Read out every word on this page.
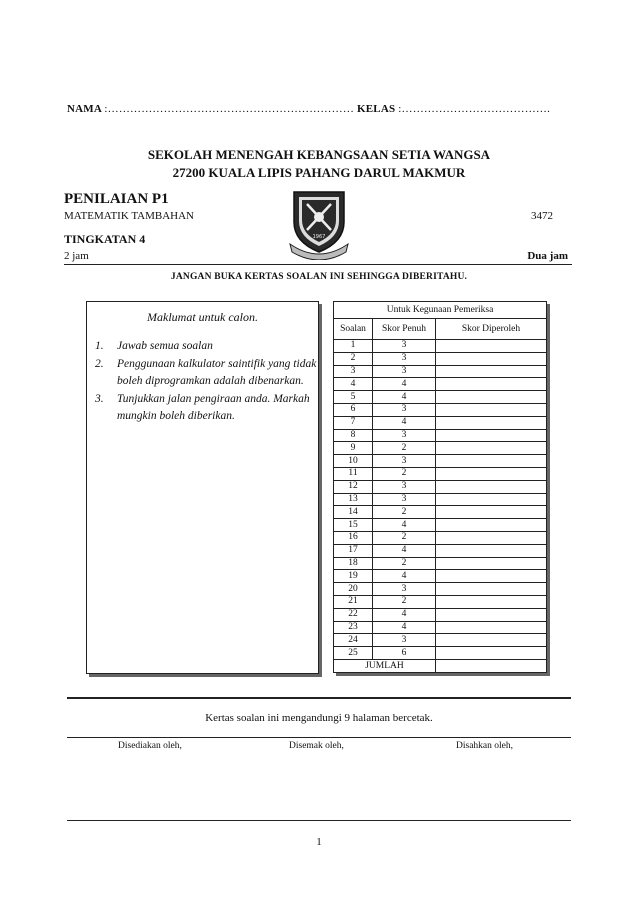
NAMA :………………………………………………………… KELAS :………………………………….
SEKOLAH MENENGAH KEBANGSAAN SETIA WANGSA
27200 KUALA LIPIS PAHANG DARUL MAKMUR
PENILAIAN P1
MATEMATIK TAMBAHAN	3472
TINGKATAN 4
2 jam	Dua jam
1967
JANGAN BUKA KERTAS SOALAN INI SEHINGGA DIBERITAHU.
Maklumat untuk calon.
1. Jawab semua soalan
2. Penggunaan kalkulator saintifik yang tidak boleh diprogramkan adalah dibenarkan.
3. Tunjukkan jalan pengiraan anda. Markah mungkin boleh diberikan.
Untuk Kegunaan Pemeriksa		
Soalan	Skor Penuh	Skor Diperoleh
1	3	
2	3	
3	3	
4	4	
5	4	
6	3	
7	4	
8	3	
9	2	
10	3	
11	2	
12	3	
13	3	
14	2	
15	4	
16	2	
17	4	
18	2	
19	4	
20	3	
21	2	
22	4	
23	4	
24	3	
25	6	
JUMLAH		
Kertas soalan ini mengandungi 9 halaman bercetak.
Disediakan oleh,	Disemak oleh,	Disahkan oleh,
1
